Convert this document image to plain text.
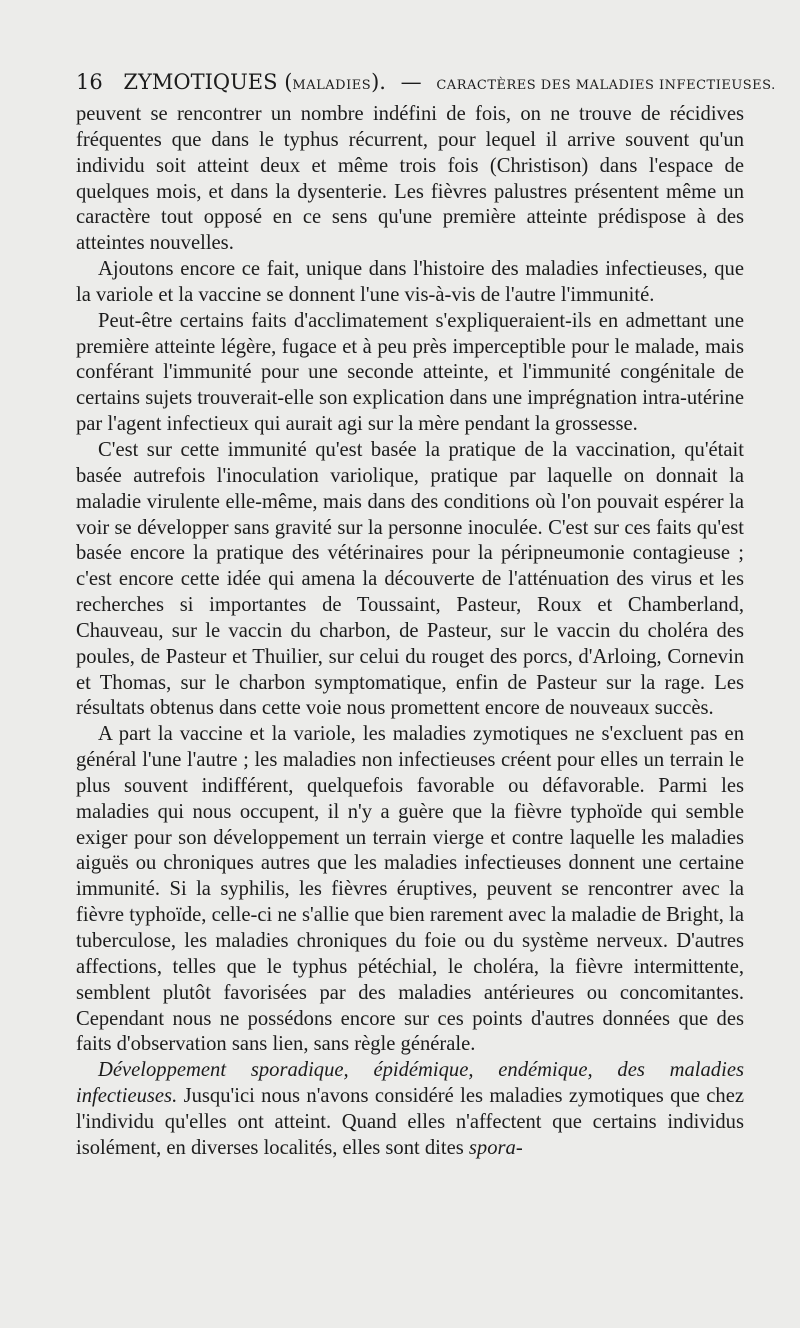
16 ZYMOTIQUES (MALADIES). — CARACTÈRES DES MALADIES INFECTIEUSES.

peuvent se rencontrer un nombre indéfini de fois, on ne trouve de récidives fréquentes que dans le typhus récurrent, pour lequel il arrive souvent qu'un individu soit atteint deux et même trois fois (Christison) dans l'espace de quelques mois, et dans la dysenterie. Les fièvres palustres présentent même un caractère tout opposé en ce sens qu'une première atteinte prédispose à des atteintes nouvelles.

Ajoutons encore ce fait, unique dans l'histoire des maladies infectieuses, que la variole et la vaccine se donnent l'une vis-à-vis de l'autre l'immunité.

Peut-être certains faits d'acclimatement s'expliqueraient-ils en admettant une première atteinte légère, fugace et à peu près imperceptible pour le malade, mais conférant l'immunité pour une seconde atteinte, et l'immunité congénitale de certains sujets trouverait-elle son explication dans une imprégnation intra-utérine par l'agent infectieux qui aurait agi sur la mère pendant la grossesse.

C'est sur cette immunité qu'est basée la pratique de la vaccination, qu'était basée autrefois l'inoculation variolique, pratique par laquelle on donnait la maladie virulente elle-même, mais dans des conditions où l'on pouvait espérer la voir se développer sans gravité sur la personne inoculée. C'est sur ces faits qu'est basée encore la pratique des vétérinaires pour la péripneumonie contagieuse ; c'est encore cette idée qui amena la découverte de l'atténuation des virus et les recherches si importantes de Toussaint, Pasteur, Roux et Chamberland, Chauveau, sur le vaccin du charbon, de Pasteur, sur le vaccin du choléra des poules, de Pasteur et Thuilier, sur celui du rouget des porcs, d'Arloing, Cornevin et Thomas, sur le charbon symptomatique, enfin de Pasteur sur la rage. Les résultats obtenus dans cette voie nous promettent encore de nouveaux succès.

A part la vaccine et la variole, les maladies zymotiques ne s'excluent pas en général l'une l'autre ; les maladies non infectieuses créent pour elles un terrain le plus souvent indifférent, quelquefois favorable ou défavorable. Parmi les maladies qui nous occupent, il n'y a guère que la fièvre typhoïde qui semble exiger pour son développement un terrain vierge et contre laquelle les maladies aiguës ou chroniques autres que les maladies infectieuses donnent une certaine immunité. Si la syphilis, les fièvres éruptives, peuvent se rencontrer avec la fièvre typhoïde, celle-ci ne s'allie que bien rarement avec la maladie de Bright, la tuberculose, les maladies chroniques du foie ou du système nerveux. D'autres affections, telles que le typhus pétéchial, le choléra, la fièvre intermittente, semblent plutôt favorisées par des maladies antérieures ou concomitantes. Cependant nous ne possédons encore sur ces points d'autres données que des faits d'observation sans lien, sans règle générale.

Développement sporadique, épidémique, endémique, des maladies infectieuses. Jusqu'ici nous n'avons considéré les maladies zymotiques que chez l'individu qu'elles ont atteint. Quand elles n'affectent que certains individus isolément, en diverses localités, elles sont dites spora-
